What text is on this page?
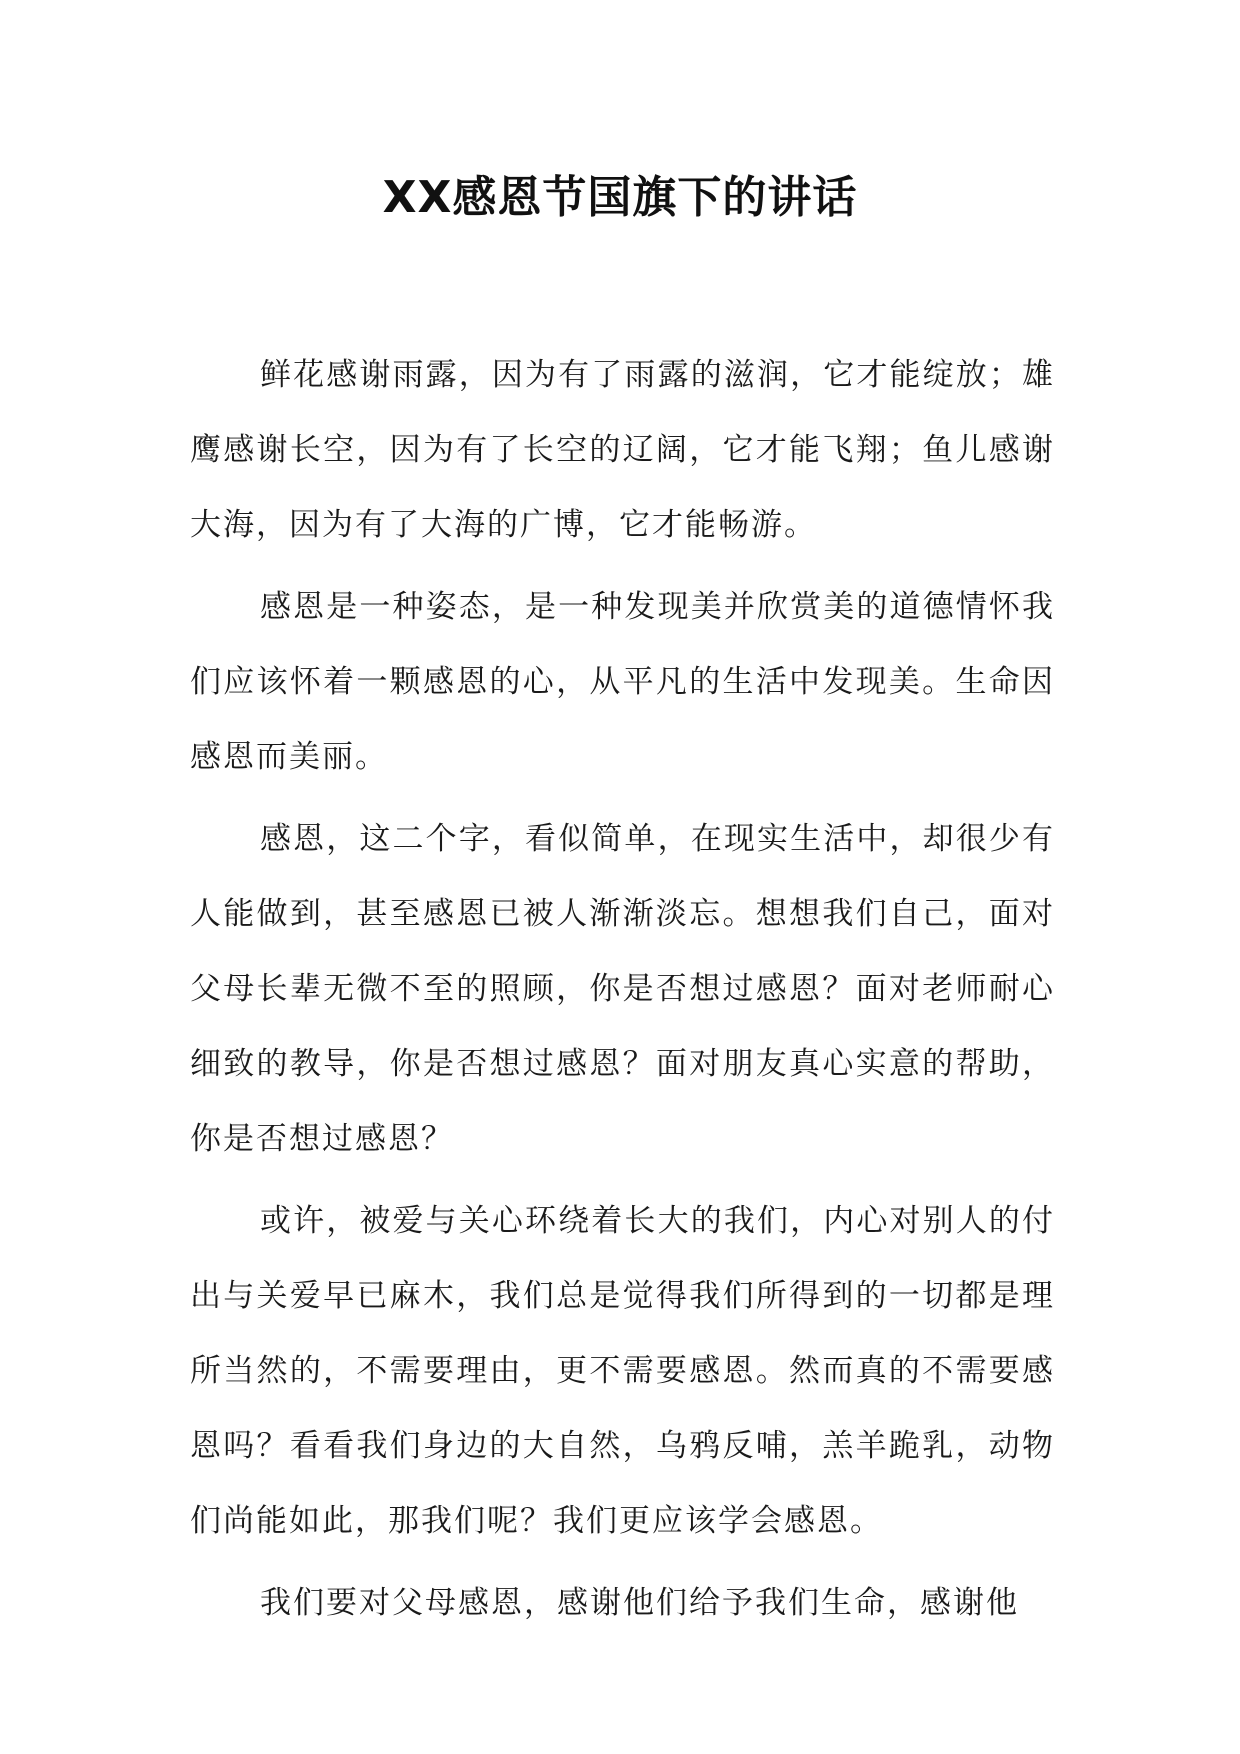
XX感恩节国旗下的讲话

鲜花感谢雨露，因为有了雨露的滋润，它才能绽放；雄鹰感谢长空，因为有了长空的辽阔，它才能飞翔；鱼儿感谢大海，因为有了大海的广博，它才能畅游。

感恩是一种姿态，是一种发现美并欣赏美的道德情怀我们应该怀着一颗感恩的心，从平凡的生活中发现美。生命因感恩而美丽。

感恩，这二个字，看似简单，在现实生活中，却很少有人能做到，甚至感恩已被人渐渐淡忘。想想我们自己，面对父母长辈无微不至的照顾，你是否想过感恩？面对老师耐心细致的教导，你是否想过感恩？面对朋友真心实意的帮助，你是否想过感恩？

或许，被爱与关心环绕着长大的我们，内心对别人的付出与关爱早已麻木，我们总是觉得我们所得到的一切都是理所当然的，不需要理由，更不需要感恩。然而真的不需要感恩吗？看看我们身边的大自然，乌鸦反哺，羔羊跪乳，动物们尚能如此，那我们呢？我们更应该学会感恩。

我们要对父母感恩，感谢他们给予我们生命，感谢他
